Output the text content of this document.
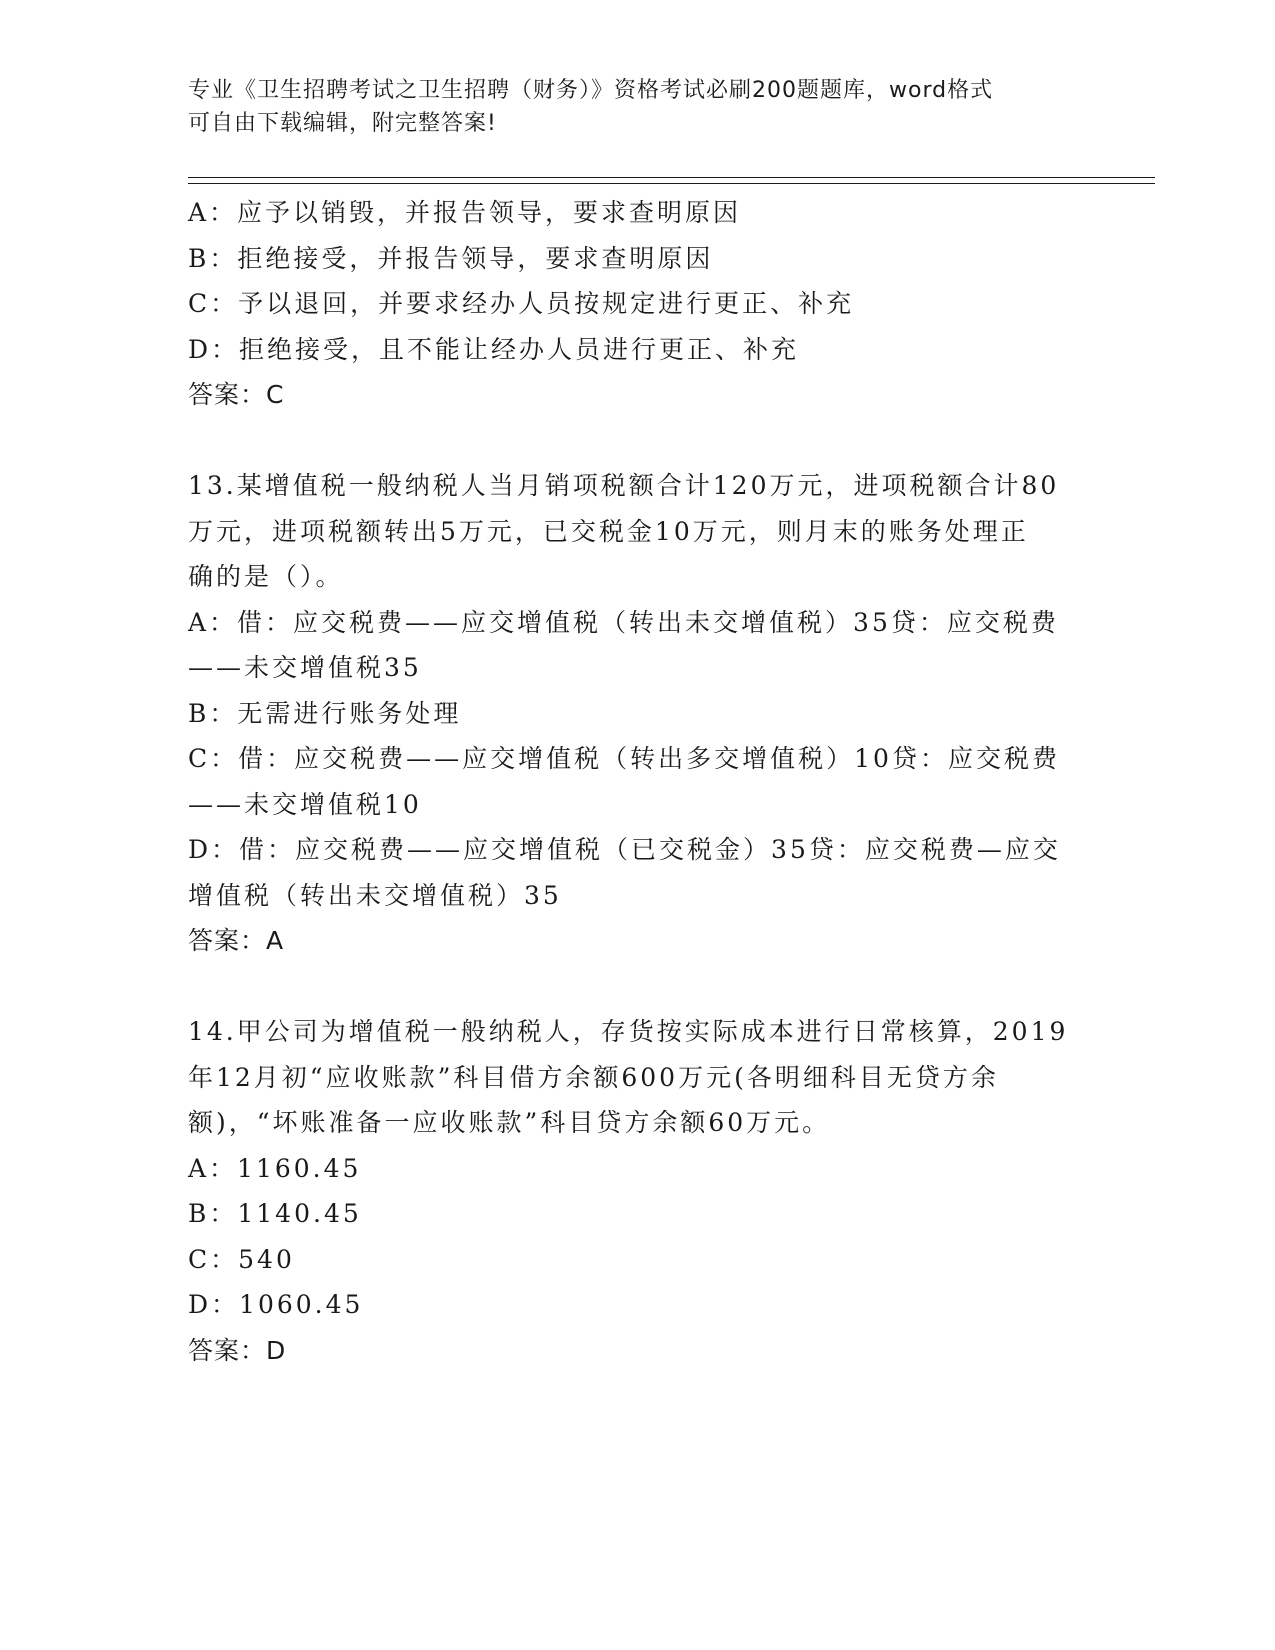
专业《卫生招聘考试之卫生招聘（财务）》资格考试必刷200题题库，word格式
可自由下载编辑，附完整答案!
A：应予以销毁，并报告领导，要求查明原因
B：拒绝接受，并报告领导，要求查明原因
C：予以退回，并要求经办人员按规定进行更正、补充
D：拒绝接受，且不能让经办人员进行更正、补充
答案：C
13.某增值税一般纳税人当月销项税额合计120万元，进项税额合计80
万元，进项税额转出5万元，已交税金10万元，则月末的账务处理正
确的是（）。
A：借：应交税费——应交增值税（转出未交增值税）35贷：应交税费
——未交增值税35
B：无需进行账务处理
C：借：应交税费——应交增值税（转出多交增值税）10贷：应交税费
——未交增值税10
D：借：应交税费——应交增值税（已交税金）35贷：应交税费—应交
增值税（转出未交增值税）35
答案：A
14.甲公司为增值税一般纳税人，存货按实际成本进行日常核算，2019
年12月初“应收账款”科目借方余额600万元(各明细科目无贷方余
额)，“坏账准备一应收账款”科目贷方余额60万元。
A：1160.45
B：1140.45
C：540
D：1060.45
答案：D
